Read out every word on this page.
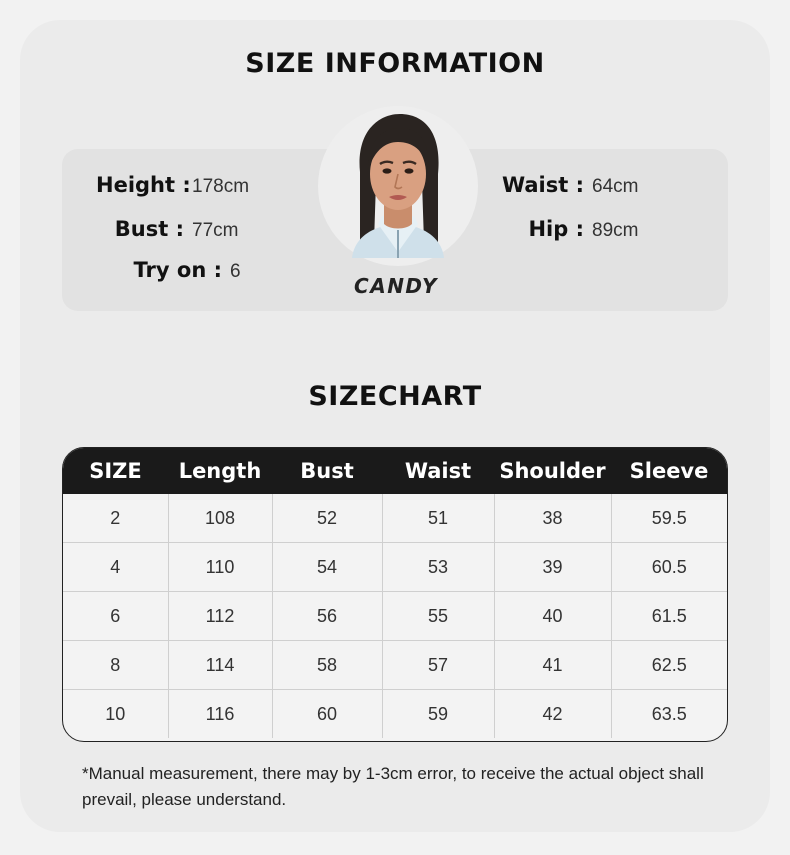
SIZE INFORMATION
Height :178cm
Bust : 77cm
Try on : 6
Waist : 64cm
Hip : 89cm
CANDY
SIZECHART
SIZE	Length	Bust	Waist	Shoulder	Sleeve
2	108	52	51	38	59.5
4	110	54	53	39	60.5
6	112	56	55	40	61.5
8	114	58	57	41	62.5
10	116	60	59	42	63.5
*Manual measurement, there may by 1-3cm error, to receive the actual object shall prevail, please understand.
